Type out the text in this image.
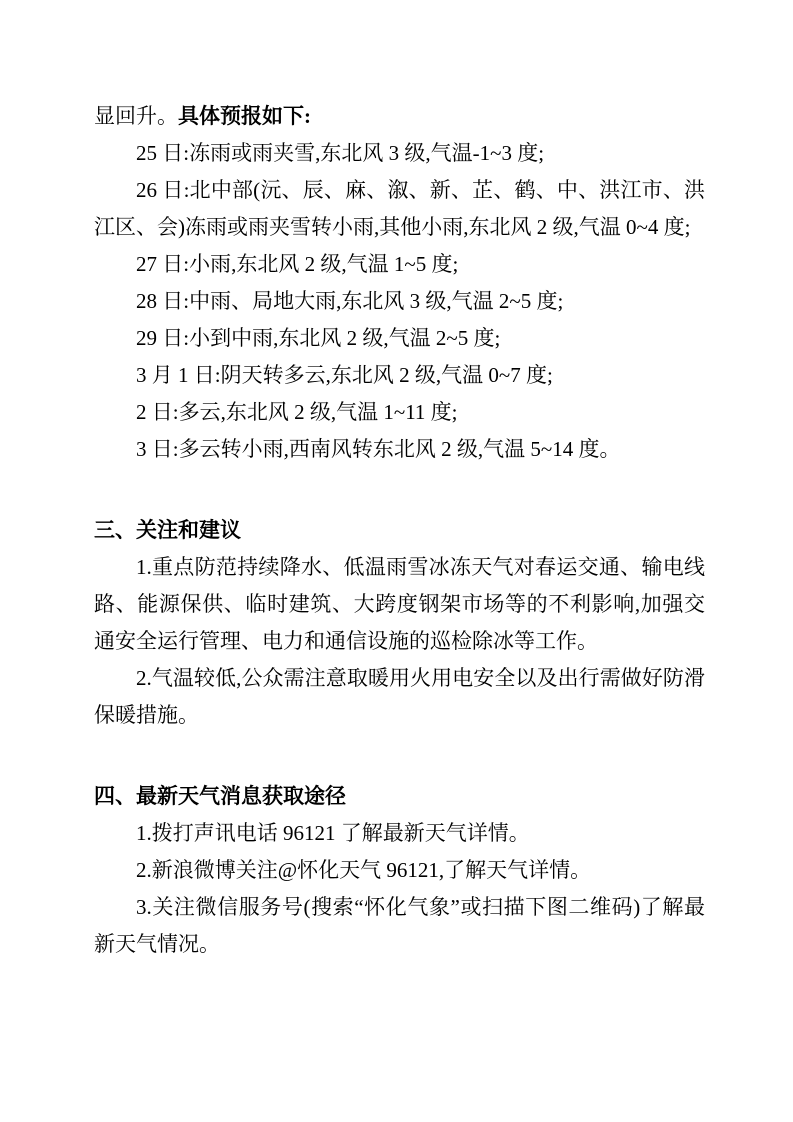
显回升。具体预报如下:

25 日:冻雨或雨夹雪,东北风 3 级,气温-1~3 度;

26 日:北中部(沅、辰、麻、溆、新、芷、鹤、中、洪江市、洪江区、会)冻雨或雨夹雪转小雨,其他小雨,东北风 2 级,气温 0~4 度;

27 日:小雨,东北风 2 级,气温 1~5 度;

28 日:中雨、局地大雨,东北风 3 级,气温 2~5 度;

29 日:小到中雨,东北风 2 级,气温 2~5 度;

3 月 1 日:阴天转多云,东北风 2 级,气温 0~7 度;

2 日:多云,东北风 2 级,气温 1~11 度;

3 日:多云转小雨,西南风转东北风 2 级,气温 5~14 度。

三、关注和建议

1.重点防范持续降水、低温雨雪冰冻天气对春运交通、输电线路、能源保供、临时建筑、大跨度钢架市场等的不利影响,加强交通安全运行管理、电力和通信设施的巡检除冰等工作。

2.气温较低,公众需注意取暖用火用电安全以及出行需做好防滑保暖措施。

四、最新天气消息获取途径

1.拨打声讯电话 96121 了解最新天气详情。

2.新浪微博关注@怀化天气 96121,了解天气详情。

3.关注微信服务号(搜索“怀化气象”或扫描下图二维码)了解最新天气情况。
